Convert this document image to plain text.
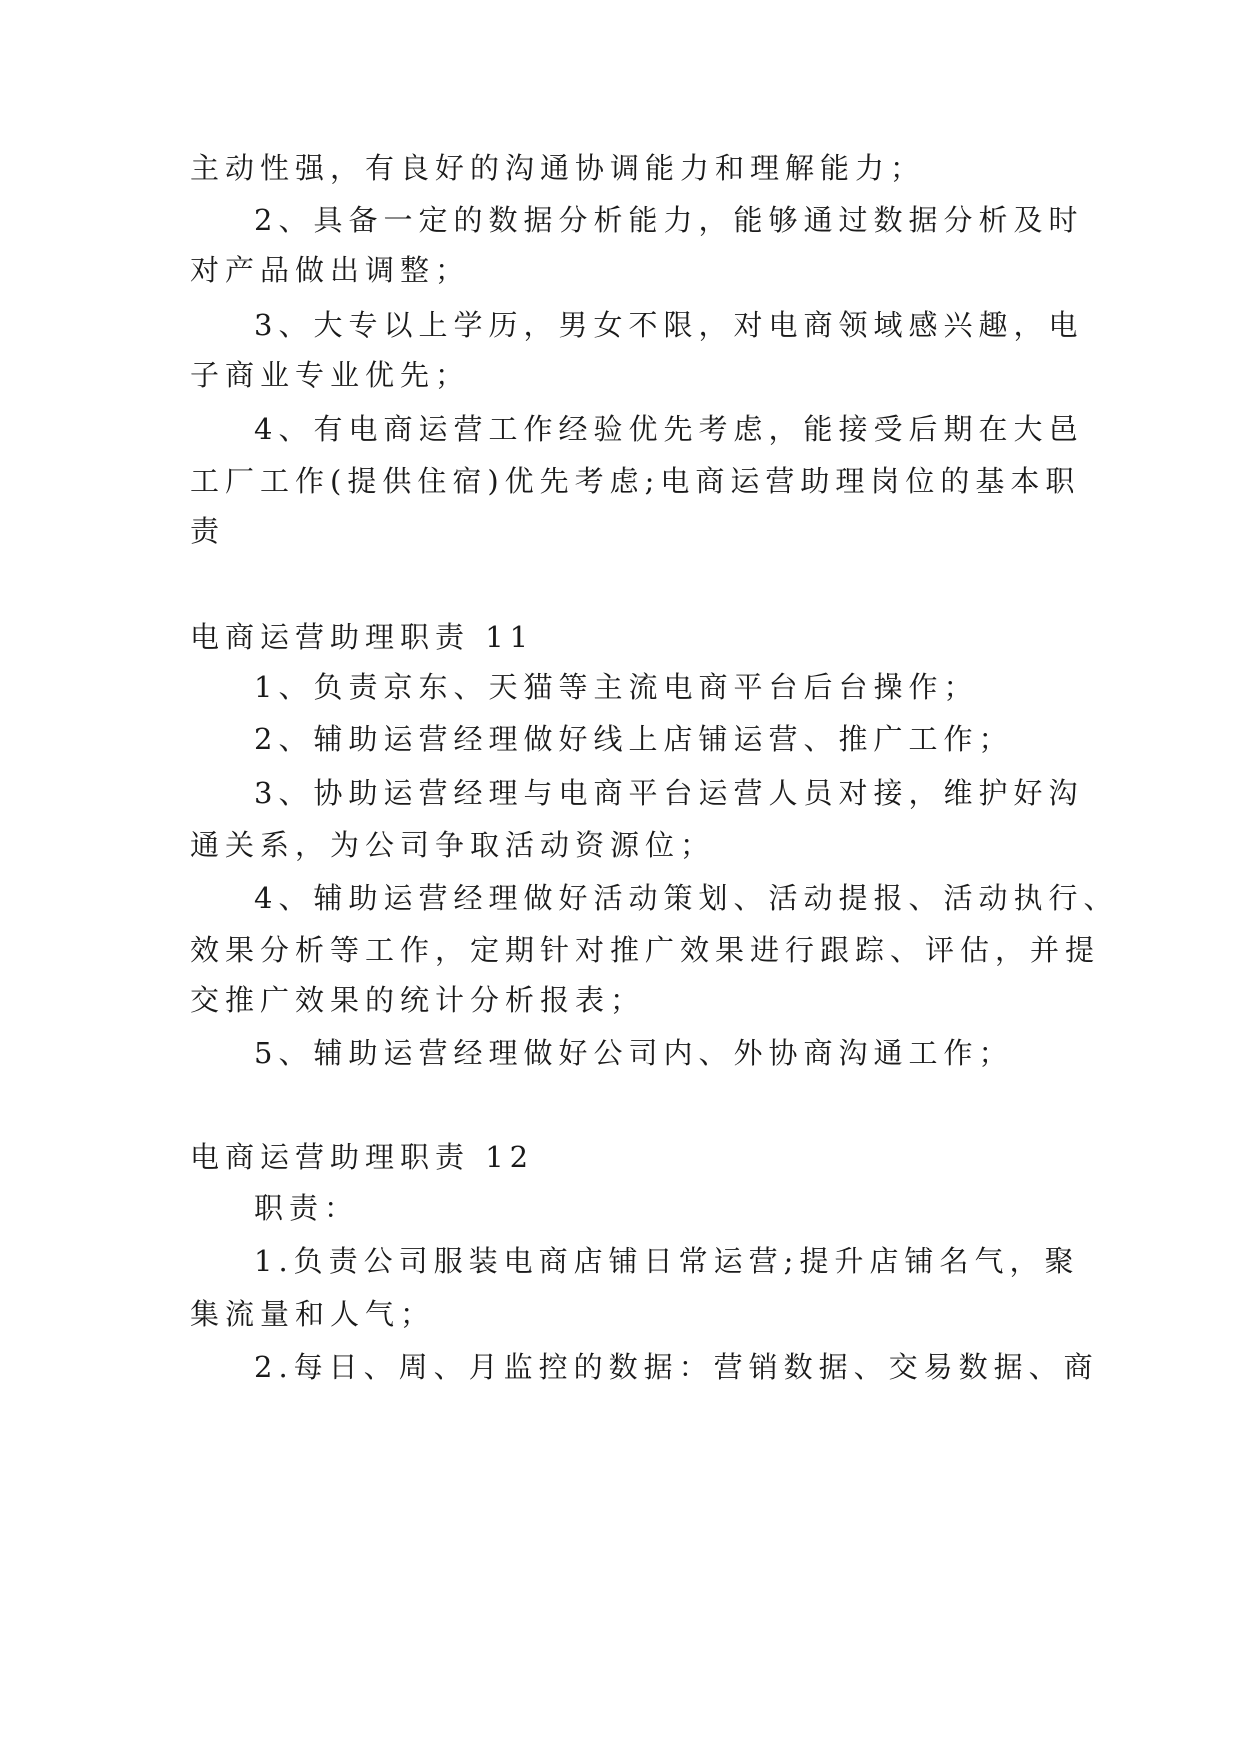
主动性强，有良好的沟通协调能力和理解能力；
2、具备一定的数据分析能力，能够通过数据分析及时
对产品做出调整；
3、大专以上学历，男女不限，对电商领域感兴趣，电
子商业专业优先；
4、有电商运营工作经验优先考虑，能接受后期在大邑
工厂工作(提供住宿)优先考虑;电商运营助理岗位的基本职
责
电商运营助理职责 11
1、负责京东、天猫等主流电商平台后台操作；
2、辅助运营经理做好线上店铺运营、推广工作；
3、协助运营经理与电商平台运营人员对接，维护好沟
通关系，为公司争取活动资源位；
4、辅助运营经理做好活动策划、活动提报、活动执行、
效果分析等工作，定期针对推广效果进行跟踪、评估，并提
交推广效果的统计分析报表；
5、辅助运营经理做好公司内、外协商沟通工作；
电商运营助理职责 12
职责：
1.负责公司服装电商店铺日常运营;提升店铺名气，聚
集流量和人气；
2.每日、周、月监控的数据：营销数据、交易数据、商
